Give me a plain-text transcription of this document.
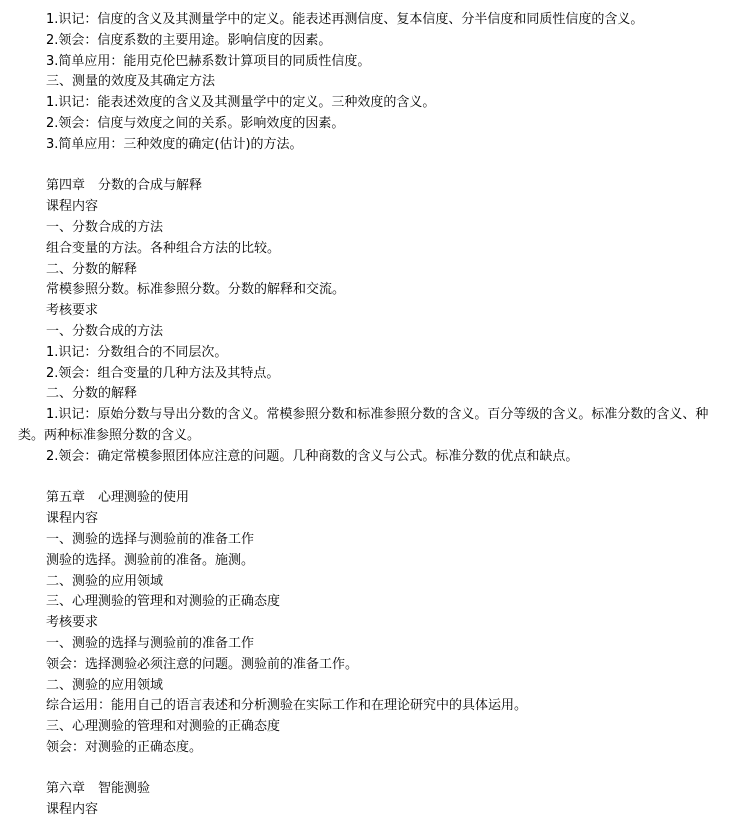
1.识记：信度的含义及其测量学中的定义。能表述再测信度、复本信度、分半信度和同质性信度的含义。
2.领会：信度系数的主要用途。影响信度的因素。
3.简单应用：能用克伦巴赫系数计算项目的同质性信度。
三、测量的效度及其确定方法
1.识记：能表述效度的含义及其测量学中的定义。三种效度的含义。
2.领会：信度与效度之间的关系。影响效度的因素。
3.简单应用：三种效度的确定(估计)的方法。
第四章　分数的合成与解释
课程内容
一、分数合成的方法
组合变量的方法。各种组合方法的比较。
二、分数的解释
常模参照分数。标准参照分数。分数的解释和交流。
考核要求
一、分数合成的方法
1.识记：分数组合的不同层次。
2.领会：组合变量的几种方法及其特点。
二、分数的解释
1.识记：原始分数与导出分数的含义。常模参照分数和标准参照分数的含义。百分等级的含义。标准分数的含义、种类。两种标准参照分数的含义。
2.领会：确定常模参照团体应注意的问题。几种商数的含义与公式。标准分数的优点和缺点。
第五章　心理测验的使用
课程内容
一、测验的选择与测验前的准备工作
测验的选择。测验前的准备。施测。
二、测验的应用领域
三、心理测验的管理和对测验的正确态度
考核要求
一、测验的选择与测验前的准备工作
领会：选择测验必须注意的问题。测验前的准备工作。
二、测验的应用领域
综合运用：能用自己的语言表述和分析测验在实际工作和在理论研究中的具体运用。
三、心理测验的管理和对测验的正确态度
领会：对测验的正确态度。
第六章　智能测验
课程内容
